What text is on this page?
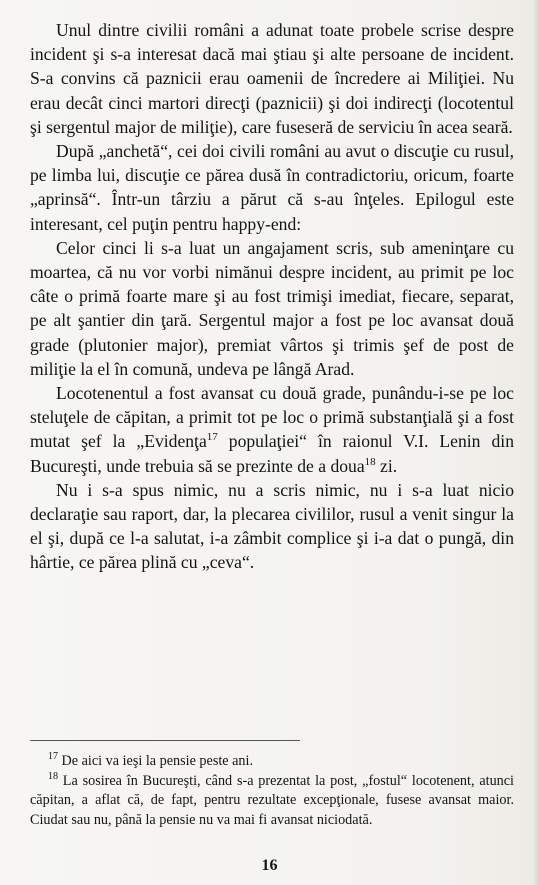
Unul dintre civilii români a adunat toate probele scrise despre incident şi s-a interesat dacă mai ştiau şi alte persoane de incident. S-a convins că paznicii erau oamenii de încredere ai Miliţiei. Nu erau decât cinci martori direcţi (paznicii) şi doi indirecţi (locotentul şi sergentul major de miliţie), care fuseseră de serviciu în acea seară.

După „anchetă“, cei doi civili români au avut o discuţie cu rusul, pe limba lui, discuţie ce părea dusă în contradictoriu, oricum, foarte „aprinsă“. Într-un târziu a părut că s-au înţeles. Epilogul este interesant, cel puţin pentru happy-end:

Celor cinci li s-a luat un angajament scris, sub ameninţare cu moartea, că nu vor vorbi nimănui despre incident, au primit pe loc câte o primă foarte mare şi au fost trimişi imediat, fiecare, separat, pe alt şantier din ţară. Sergentul major a fost pe loc avansat două grade (plutonier major), premiat vârtos şi trimis şef de post de miliţie la el în comună, undeva pe lângă Arad.

Locotenentul a fost avansat cu două grade, punându-i-se pe loc steluţele de căpitan, a primit tot pe loc o primă substanţială şi a fost mutat şef la „Evidenţa$^{17}$ populaţiei“ în raionul V.I. Lenin din Bucureşti, unde trebuia să se prezinte de a doua$^{18}$ zi.

Nu i s-a spus nimic, nu a scris nimic, nu i s-a luat nicio declaraţie sau raport, dar, la plecarea civililor, rusul a venit singur la el şi, după ce l-a salutat, i-a zâmbit complice şi i-a dat o pungă, din hârtie, ce părea plină cu „ceva“.

$^{17}$ De aici va ieşi la pensie peste ani.

$^{18}$ La sosirea în Bucureşti, când s-a prezentat la post, „fostul“ locotenent, atunci căpitan, a aflat că, de fapt, pentru rezultate excepţionale, fusese avansat maior. Ciudat sau nu, până la pensie nu va mai fi avansat niciodată.

16
